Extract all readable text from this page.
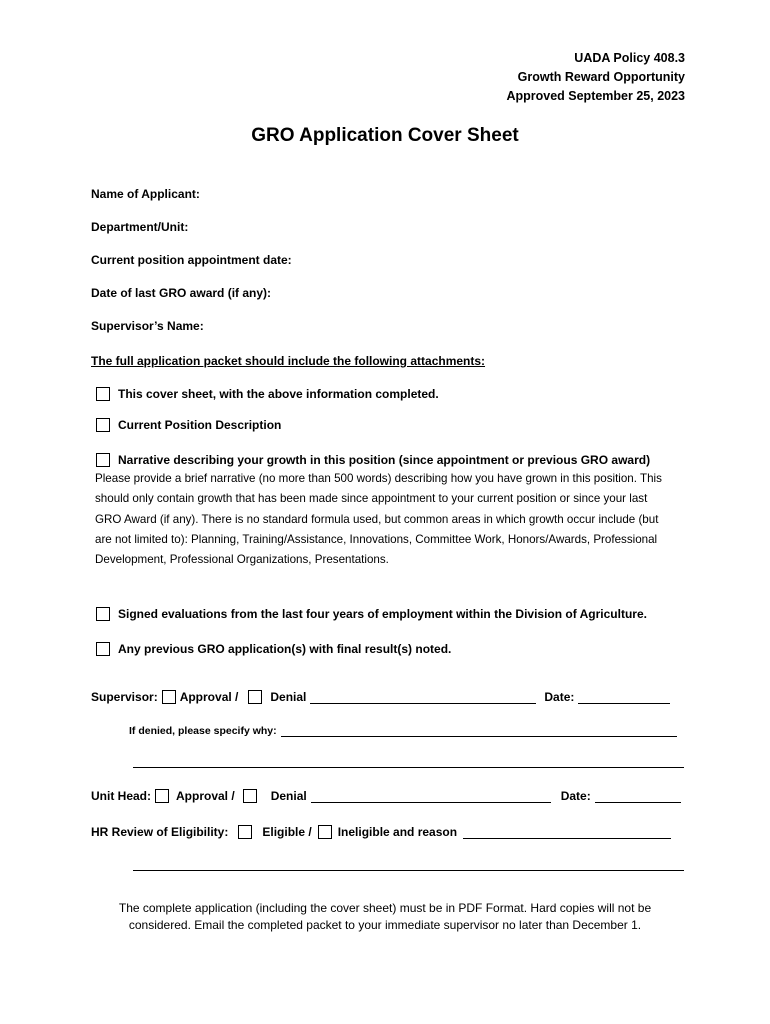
UADA Policy 408.3
Growth Reward Opportunity
Approved September 25, 2023
GRO Application Cover Sheet
Name of Applicant:
Department/Unit:
Current position appointment date:
Date of last GRO award (if any):
Supervisor’s Name:
The full application packet should include the following attachments:
This cover sheet, with the above information completed.
Current Position Description
Narrative describing your growth in this position (since appointment or previous GRO award)
Please provide a brief narrative (no more than 500 words) describing how you have grown in this position. This should only contain growth that has been made since appointment to your current position or since your last GRO Award (if any). There is no standard formula used, but common areas in which growth occur include (but are not limited to): Planning, Training/Assistance, Innovations, Committee Work, Honors/Awards, Professional Development, Professional Organizations, Presentations.
Signed evaluations from the last four years of employment within the Division of Agriculture.
Any previous GRO application(s) with final result(s) noted.
Supervisor: Approval /	Denial	Date:
If denied, please specify why:
Unit Head: Approval /	Denial	Date:
HR Review of Eligibility:	Eligible / Ineligible and reason
The complete application (including the cover sheet) must be in PDF Format. Hard copies will not be
considered. Email the completed packet to your immediate supervisor no later than December 1.
